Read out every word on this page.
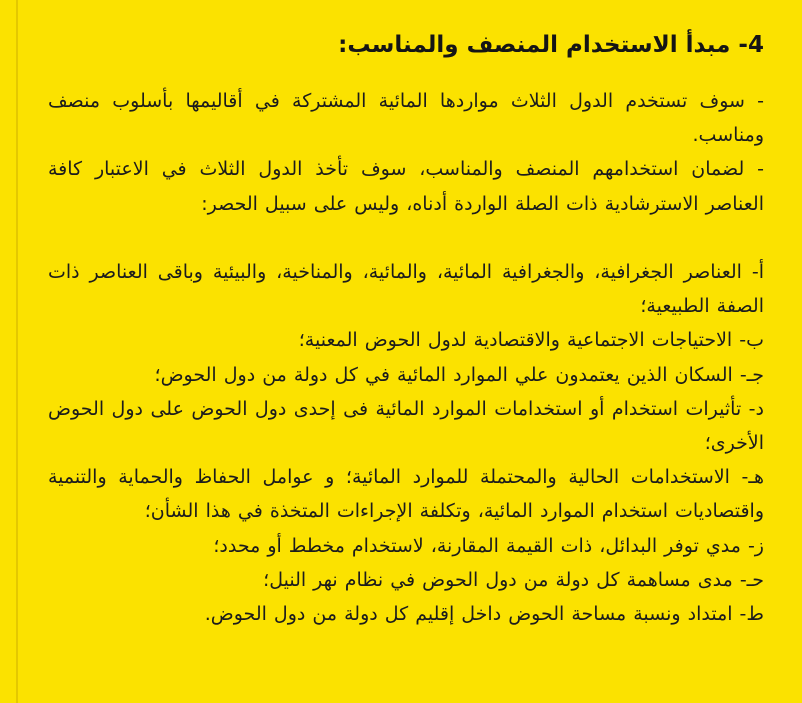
4- مبدأ الاستخدام المنصف والمناسب:

- سوف تستخدم الدول الثلاث مواردها المائية المشتركة في أقاليمها بأسلوب منصف ومناسب.

- لضمان استخدامهم المنصف والمناسب، سوف تأخذ الدول الثلاث في الاعتبار كافة العناصر الاسترشادية ذات الصلة الواردة أدناه، وليس على سبيل الحصر:

أ- العناصر الجغرافية، والجغرافية المائية، والمائية، والمناخية، والبيئية وباقى العناصر ذات الصفة الطبيعية؛

ب- الاحتياجات الاجتماعية والاقتصادية لدول الحوض المعنية؛

جـ- السكان الذين يعتمدون علي الموارد المائية في كل دولة من دول الحوض؛

د- تأثيرات استخدام أو استخدامات الموارد المائية فى إحدى دول الحوض على دول الحوض الأخرى؛

هـ- الاستخدامات الحالية والمحتملة للموارد المائية؛ و عوامل الحفاظ والحماية والتنمية واقتصاديات استخدام الموارد المائية، وتكلفة الإجراءات المتخذة في هذا الشأن؛

ز- مدي توفر البدائل، ذات القيمة المقارنة، لاستخدام مخطط أو محدد؛

حـ- مدى مساهمة كل دولة من دول الحوض في نظام نهر النيل؛

ط- امتداد ونسبة مساحة الحوض داخل إقليم كل دولة من دول الحوض.
